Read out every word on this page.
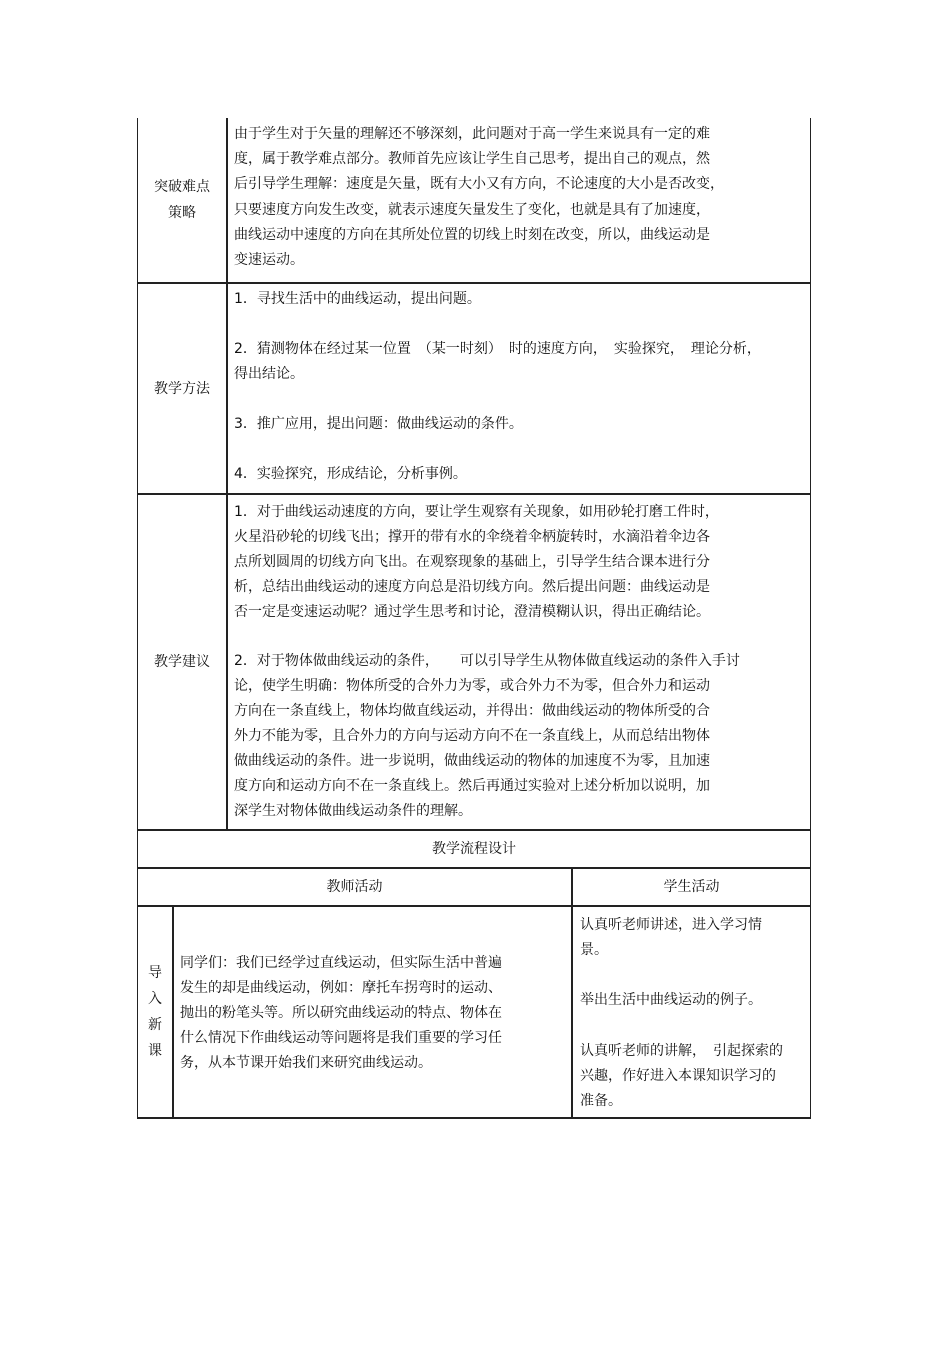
突破难点
策略
由于学生对于矢量的理解还不够深刻，此问题对于高一学生来说具有一定的难
度，属于教学难点部分。教师首先应该让学生自己思考，提出自己的观点，然
后引导学生理解：速度是矢量，既有大小又有方向，不论速度的大小是否改变，
只要速度方向发生改变，就表示速度矢量发生了变化，也就是具有了加速度，
曲线运动中速度的方向在其所处位置的切线上时刻在改变，所以，曲线运动是
变速运动。
教学方法
1．寻找生活中的曲线运动，提出问题。
2．猜测物体在经过某一位置　（某一时刻）　时的速度方向，　实验探究，　理论分析，
得出结论。
3．推广应用，提出问题：做曲线运动的条件。
4．实验探究，形成结论，分析事例。
教学建议
1．对于曲线运动速度的方向，要让学生观察有关现象，如用砂轮打磨工件时，
火星沿砂轮的切线飞出；撑开的带有水的伞绕着伞柄旋转时，水滴沿着伞边各
点所划圆周的切线方向飞出。在观察现象的基础上，引导学生结合课本进行分
析，总结出曲线运动的速度方向总是沿切线方向。然后提出问题：曲线运动是
否一定是变速运动呢？通过学生思考和讨论，澄清模糊认识，得出正确结论。
2．对于物体做曲线运动的条件，　　可以引导学生从物体做直线运动的条件入手讨
论，使学生明确：物体所受的合外力为零，或合外力不为零，但合外力和运动
方向在一条直线上，物体均做直线运动，并得出：做曲线运动的物体所受的合
外力不能为零，且合外力的方向与运动方向不在一条直线上，从而总结出物体
做曲线运动的条件。进一步说明，做曲线运动的物体的加速度不为零，且加速
度方向和运动方向不在一条直线上。然后再通过实验对上述分析加以说明，加
深学生对物体做曲线运动条件的理解。
教学流程设计
教师活动	学生活动
导
入
新
课
同学们：我们已经学过直线运动，但实际生活中普遍
发生的却是曲线运动，例如：摩托车拐弯时的运动、
抛出的粉笔头等。所以研究曲线运动的特点、物体在
什么情况下作曲线运动等问题将是我们重要的学习任
务，从本节课开始我们来研究曲线运动。
认真听老师讲述，进入学习情
景。
举出生活中曲线运动的例子。
认真听老师的讲解，　引起探索的
兴趣，作好进入本课知识学习的
准备。
